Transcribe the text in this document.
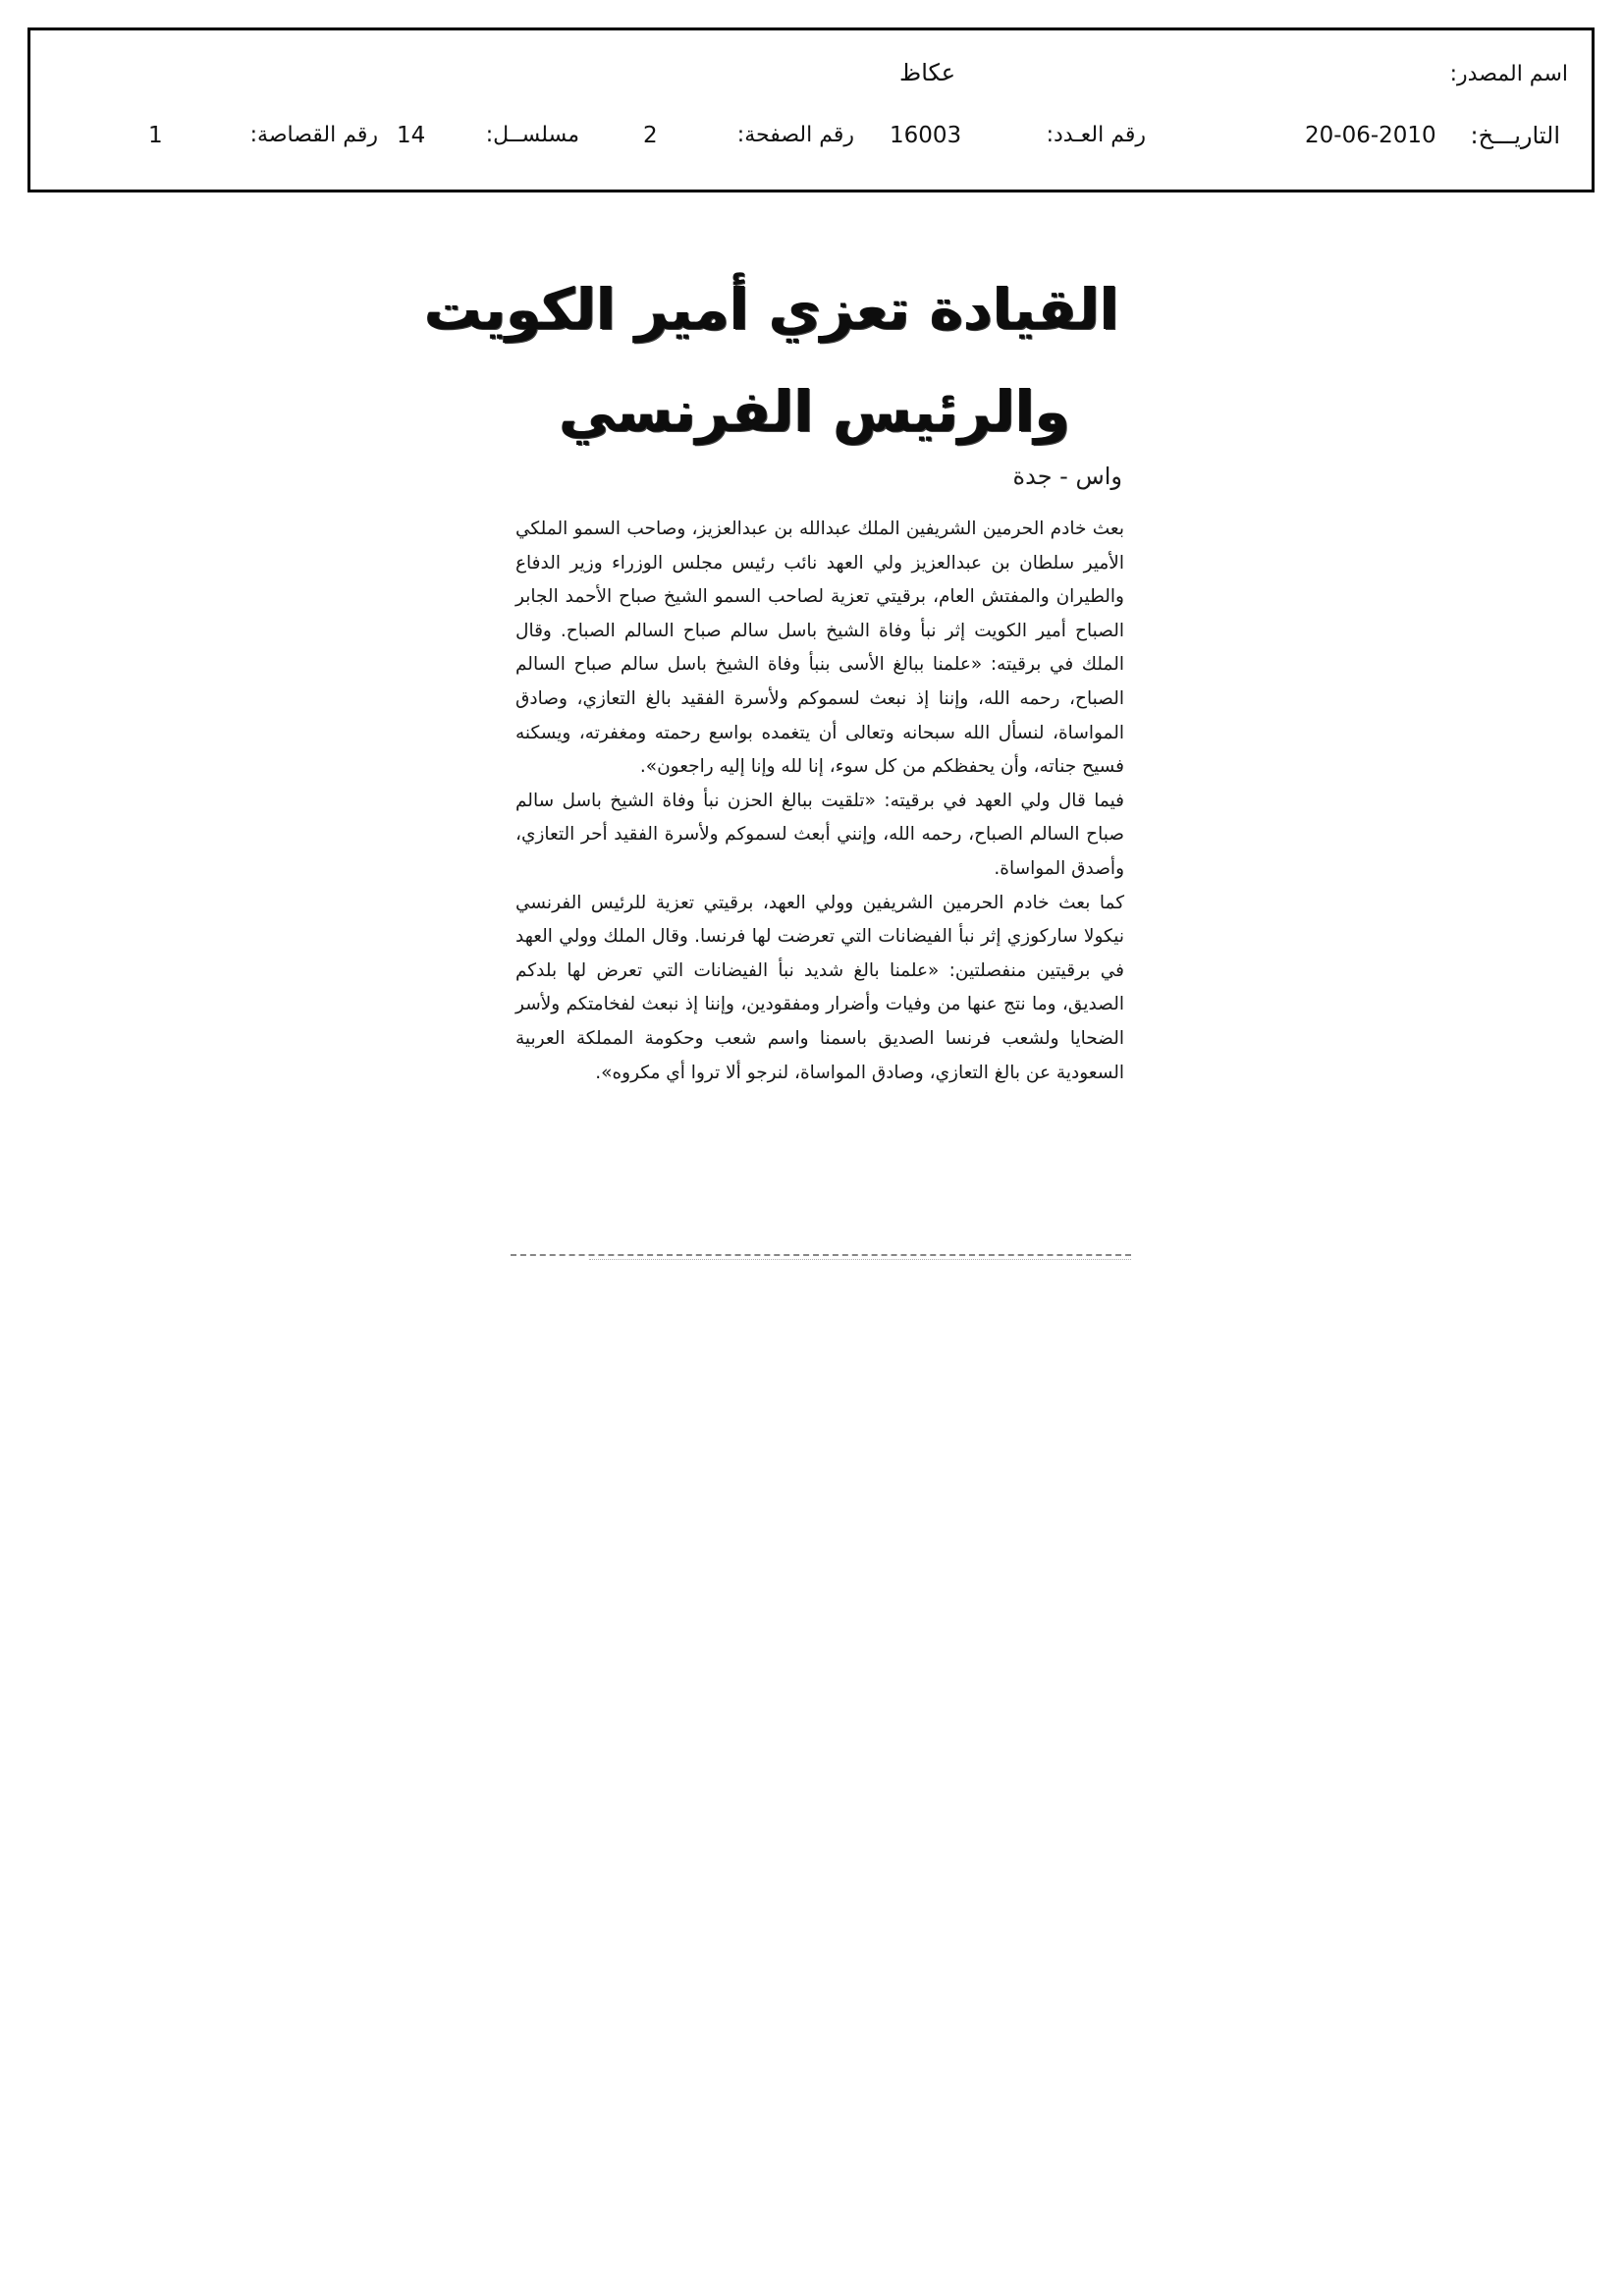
اسم المصدر:
عكاظ
التاريـــخ:
20-06-2010
رقم العـدد:
16003
رقم الصفحة:
2
مسلســل:
14
رقم القصاصة:
1
القيادة تعزي أمير الكويت
والرئيس الفرنسي
واس - جدة

بعث خادم الحرمين الشريفين الملك عبدالله بن عبدالعزيز، وصاحب السمو الملكي الأمير سلطان بن عبدالعزيز ولي العهد نائب رئيس مجلس الوزراء وزير الدفاع والطيران والمفتش العام، برقيتي تعزية لصاحب السمو الشيخ صباح الأحمد الجابر الصباح أمير الكويت إثر نبأ وفاة الشيخ باسل سالم صباح السالم الصباح. وقال الملك في برقيته: «علمنا ببالغ الأسى بنبأ وفاة الشيخ باسل سالم صباح السالم الصباح، رحمه الله، وإننا إذ نبعث لسموكم ولأسرة الفقيد بالغ التعازي، وصادق المواساة، لنسأل الله سبحانه وتعالى أن يتغمده بواسع رحمته ومغفرته، ويسكنه فسيح جناته، وأن يحفظكم من كل سوء، إنا لله وإنا إليه راجعون».

فيما قال ولي العهد في برقيته: «تلقيت ببالغ الحزن نبأ وفاة الشيخ باسل سالم صباح السالم الصباح، رحمه الله، وإنني أبعث لسموكم ولأسرة الفقيد أحر التعازي، وأصدق المواساة.

كما بعث خادم الحرمين الشريفين وولي العهد، برقيتي تعزية للرئيس الفرنسي نيكولا ساركوزي إثر نبأ الفيضانات التي تعرضت لها فرنسا. وقال الملك وولي العهد في برقيتين منفصلتين: «علمنا بالغ شديد نبأ الفيضانات التي تعرض لها بلدكم الصديق، وما نتج عنها من وفيات وأضرار ومفقودين، وإننا إذ نبعث لفخامتكم ولأسر الضحايا ولشعب فرنسا الصديق باسمنا واسم شعب وحكومة المملكة العربية السعودية عن بالغ التعازي، وصادق المواساة، لنرجو ألا تروا أي مكروه».
